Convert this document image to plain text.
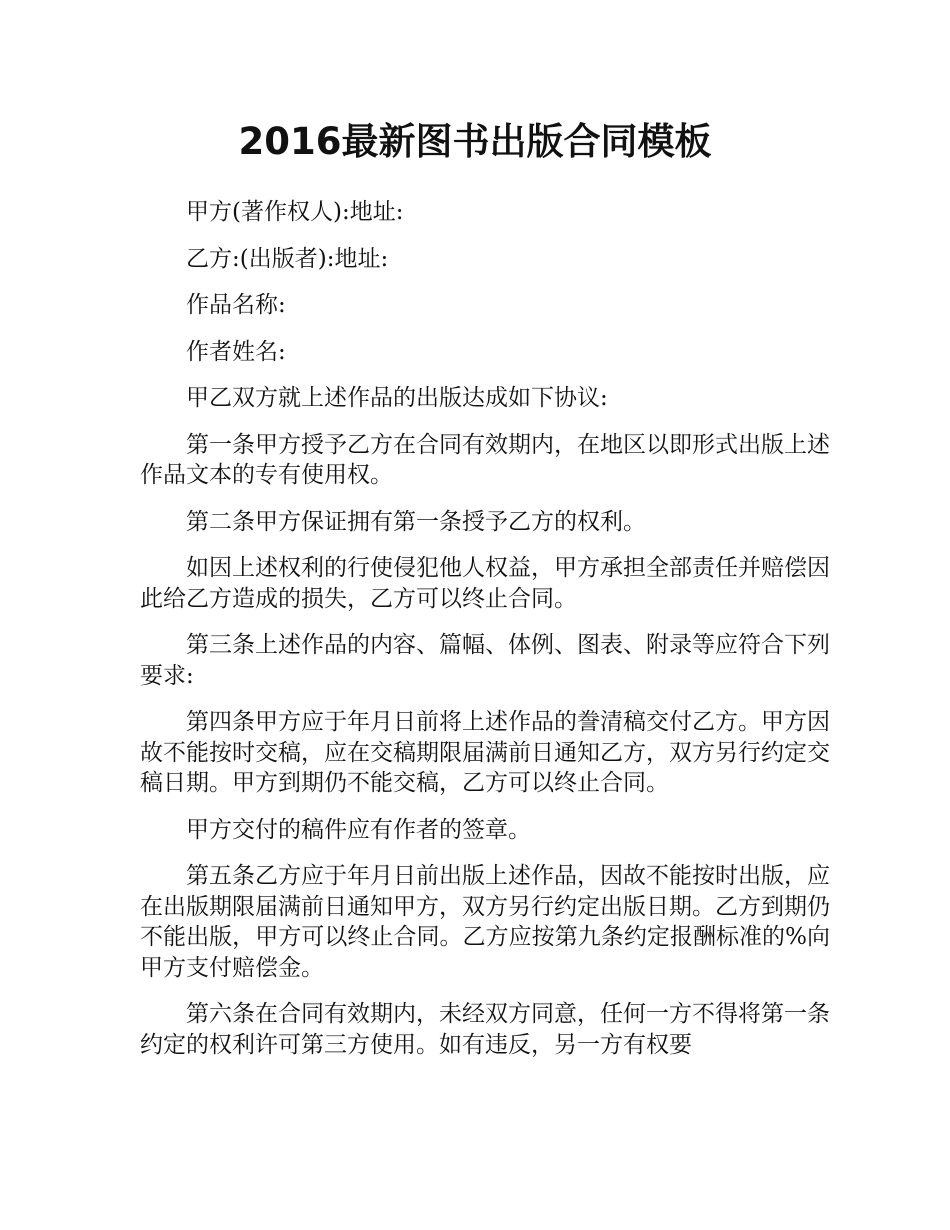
2016最新图书出版合同模板

甲方(著作权人):地址:

乙方:(出版者):地址:

作品名称:

作者姓名:

甲乙双方就上述作品的出版达成如下协议:

第一条甲方授予乙方在合同有效期内，在地区以即形式出版上述作品文本的专有使用权。

第二条甲方保证拥有第一条授予乙方的权利。

如因上述权利的行使侵犯他人权益，甲方承担全部责任并赔偿因此给乙方造成的损失，乙方可以终止合同。

第三条上述作品的内容、篇幅、体例、图表、附录等应符合下列要求:

第四条甲方应于年月日前将上述作品的誊清稿交付乙方。甲方因故不能按时交稿，应在交稿期限届满前日通知乙方，双方另行约定交稿日期。甲方到期仍不能交稿，乙方可以终止合同。

甲方交付的稿件应有作者的签章。

第五条乙方应于年月日前出版上述作品，因故不能按时出版，应在出版期限届满前日通知甲方，双方另行约定出版日期。乙方到期仍不能出版，甲方可以终止合同。乙方应按第九条约定报酬标准的%向甲方支付赔偿金。

第六条在合同有效期内，未经双方同意，任何一方不得将第一条约定的权利许可第三方使用。如有违反，另一方有权要
